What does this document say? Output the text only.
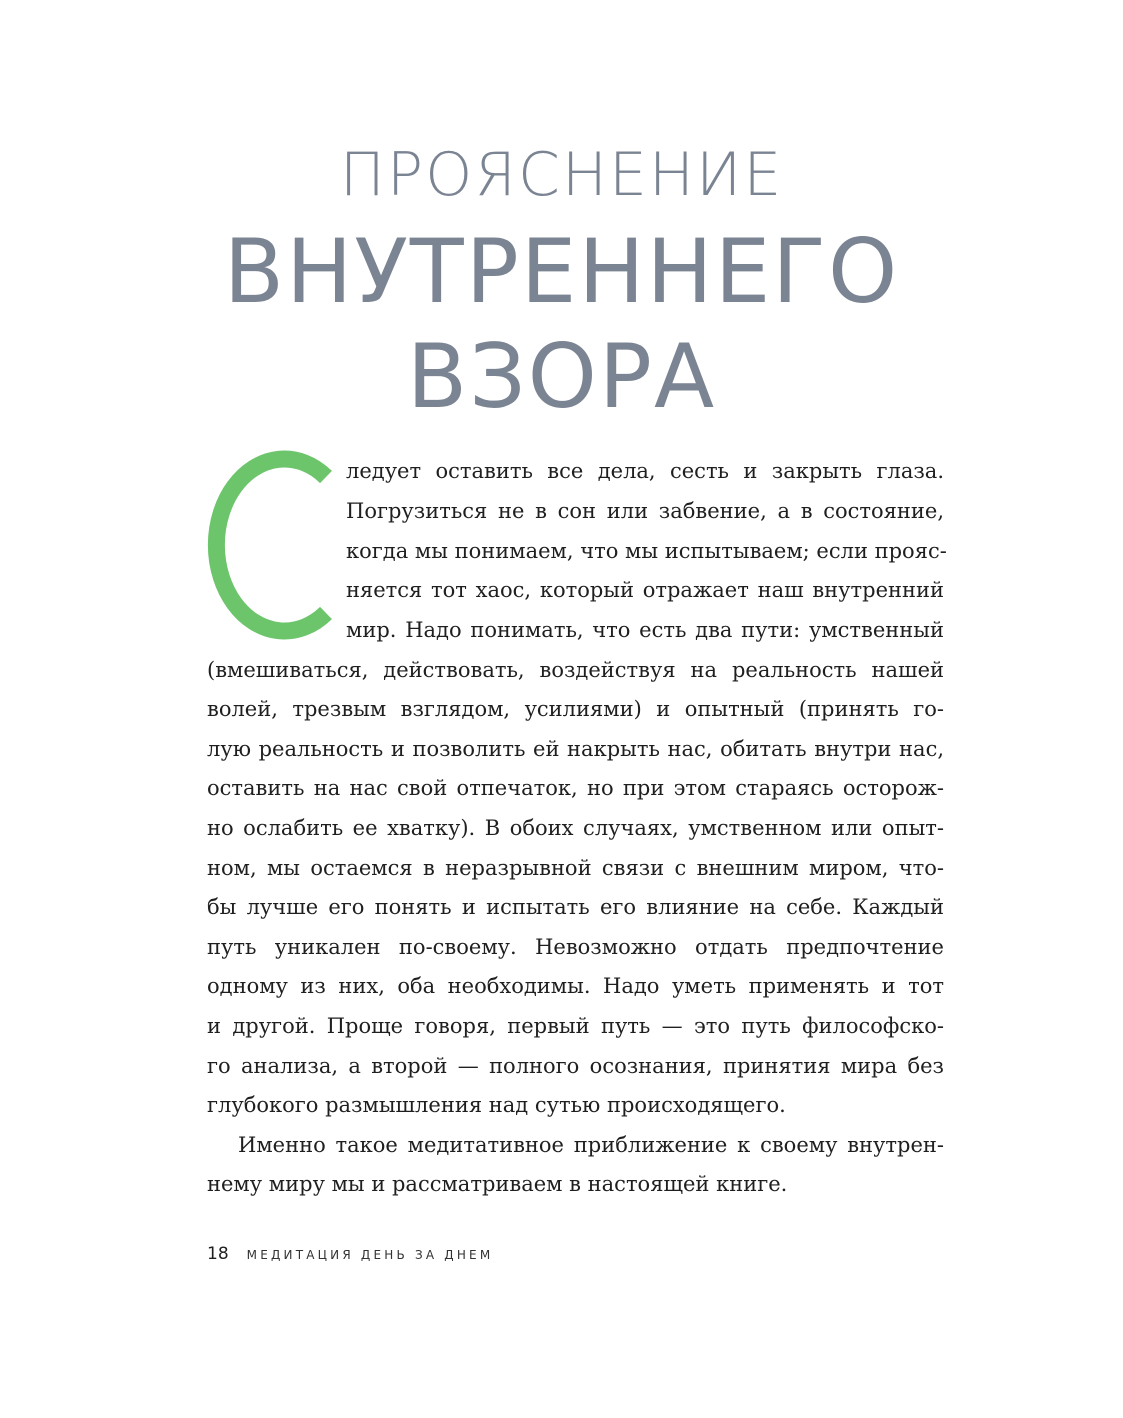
ПРОЯСНЕНИЕ
ВНУТРЕННЕГО
ВЗОРА

ледует оставить все дела, сесть и закрыть глаза.

Погрузиться не в сон или забвение, а в состояние,

когда мы понимаем, что мы испытываем; если прояс-

няется тот хаос, который отражает наш внутренний

мир. Надо понимать, что есть два пути: умственный

(вмешиваться, действовать, воздействуя на реальность нашей

волей, трезвым взглядом, усилиями) и опытный (принять го-

лую реальность и позволить ей накрыть нас, обитать внутри нас,

оставить на нас свой отпечаток, но при этом стараясь осторож-

но ослабить ее хватку). В обоих случаях, умственном или опыт-

ном, мы остаемся в неразрывной связи с внешним миром, что-

бы лучше его понять и испытать его влияние на себе. Каждый

путь уникален по-своему. Невозможно отдать предпочтение

одному из них, оба необходимы. Надо уметь применять и тот

и другой. Проще говоря, первый путь — это путь философско-

го анализа, а второй — полного осознания, принятия мира без

глубокого размышления над сутью происходящего.

Именно такое медитативное приближение к своему внутрен-

нему миру мы и рассматриваем в настоящей книге.

18 МЕДИТАЦИЯ ДЕНЬ ЗА ДНЕМ
